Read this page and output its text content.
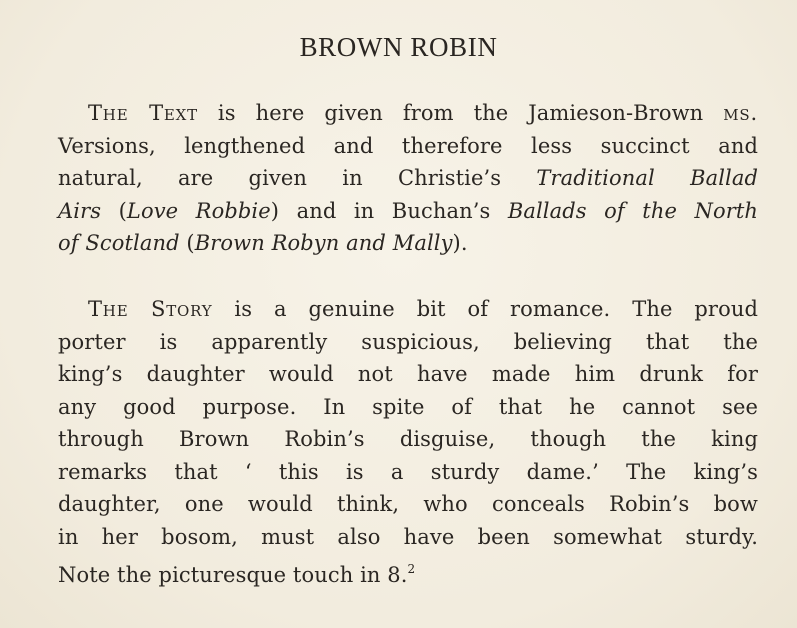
BROWN ROBIN
The Text is here given from the Jamieson-Brown ms.
Versions, lengthened and therefore less succinct and
natural, are given in Christie’s Traditional Ballad
Airs (Love Robbie) and in Buchan’s Ballads of the North
of Scotland (Brown Robyn and Mally).
The Story is a genuine bit of romance. The proud
porter is apparently suspicious, believing that the
king’s daughter would not have made him drunk for
any good purpose. In spite of that he cannot see
through Brown Robin’s disguise, though the king
remarks that ‘ this is a sturdy dame.’ The king’s
daughter, one would think, who conceals Robin’s bow
in her bosom, must also have been somewhat sturdy.
Note the picturesque touch in 8.$^2$
